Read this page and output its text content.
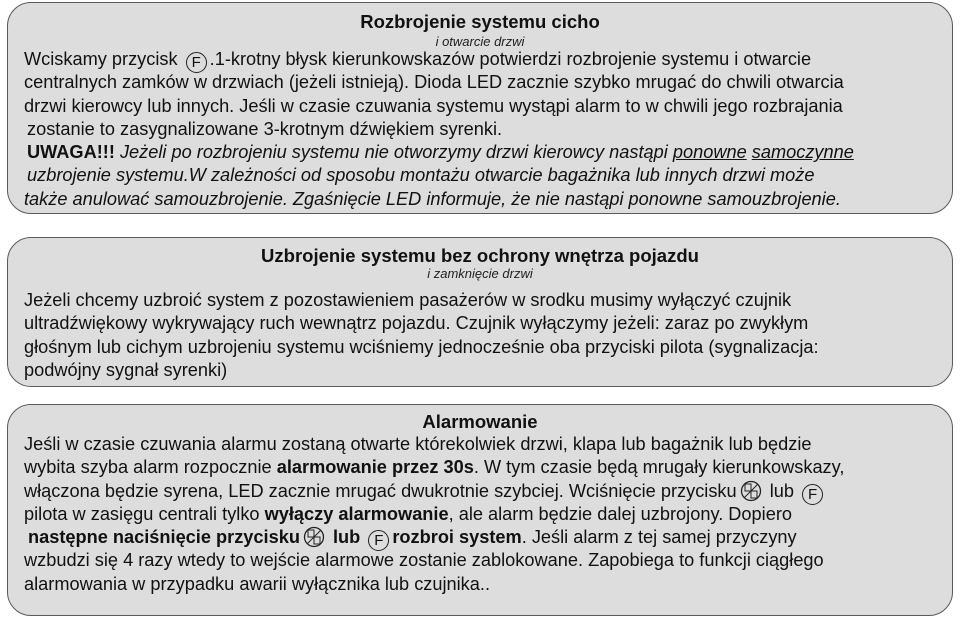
Rozbrojenie systemu cicho
i otwarcie drzwi
Wciskamy przycisk F .1-krotny błysk kierunkowskazów potwierdzi rozbrojenie systemu i otwarcie
centralnych zamków w drzwiach (jeżeli istnieją). Dioda LED zacznie szybko mrugać do chwili otwarcia
drzwi kierowcy lub innych. Jeśli w czasie czuwania systemu wystąpi alarm to w chwili jego rozbrajania
zostanie to zasygnalizowane 3-krotnym dźwiękiem syrenki.
UWAGA!!! Jeżeli po rozbrojeniu systemu nie otworzymy drzwi kierowcy nastąpi ponowne samoczynne
uzbrojenie systemu.W zależności od sposobu montażu otwarcie bagażnika lub innych drzwi może
także anulować samouzbrojenie. Zgaśnięcie LED informuje, że nie nastąpi ponowne samouzbrojenie.
Uzbrojenie systemu bez ochrony wnętrza pojazdu
i zamknięcie drzwi
Jeżeli chcemy uzbroić system z pozostawieniem pasażerów w srodku musimy wyłączyć czujnik
ultradźwiękowy wykrywający ruch wewnątrz pojazdu. Czujnik wyłączymy jeżeli: zaraz po zwykłym
głośnym lub cichym uzbrojeniu systemu wciśniemy jednocześnie oba przyciski pilota (sygnalizacja:
podwójny sygnał syrenki)
Alarmowanie
Jeśli w czasie czuwania alarmu zostaną otwarte którekolwiek drzwi, klapa lub bagażnik lub będzie
wybita szyba alarm rozpocznie alarmowanie przez 30s. W tym czasie będą mrugały kierunkowskazy,
włączona będzie syrena, LED zacznie mrugać dwukrotnie szybciej. Wciśnięcie przycisku lub F
pilota w zasięgu centrali tylko wyłączy alarmowanie, ale alarm będzie dalej uzbrojony. Dopiero
następne naciśnięcie przycisku lub F rozbroi system. Jeśli alarm z tej samej przyczyny
wzbudzi się 4 razy wtedy to wejście alarmowe zostanie zablokowane. Zapobiega to funkcji ciągłego
alarmowania w przypadku awarii wyłącznika lub czujnika..
